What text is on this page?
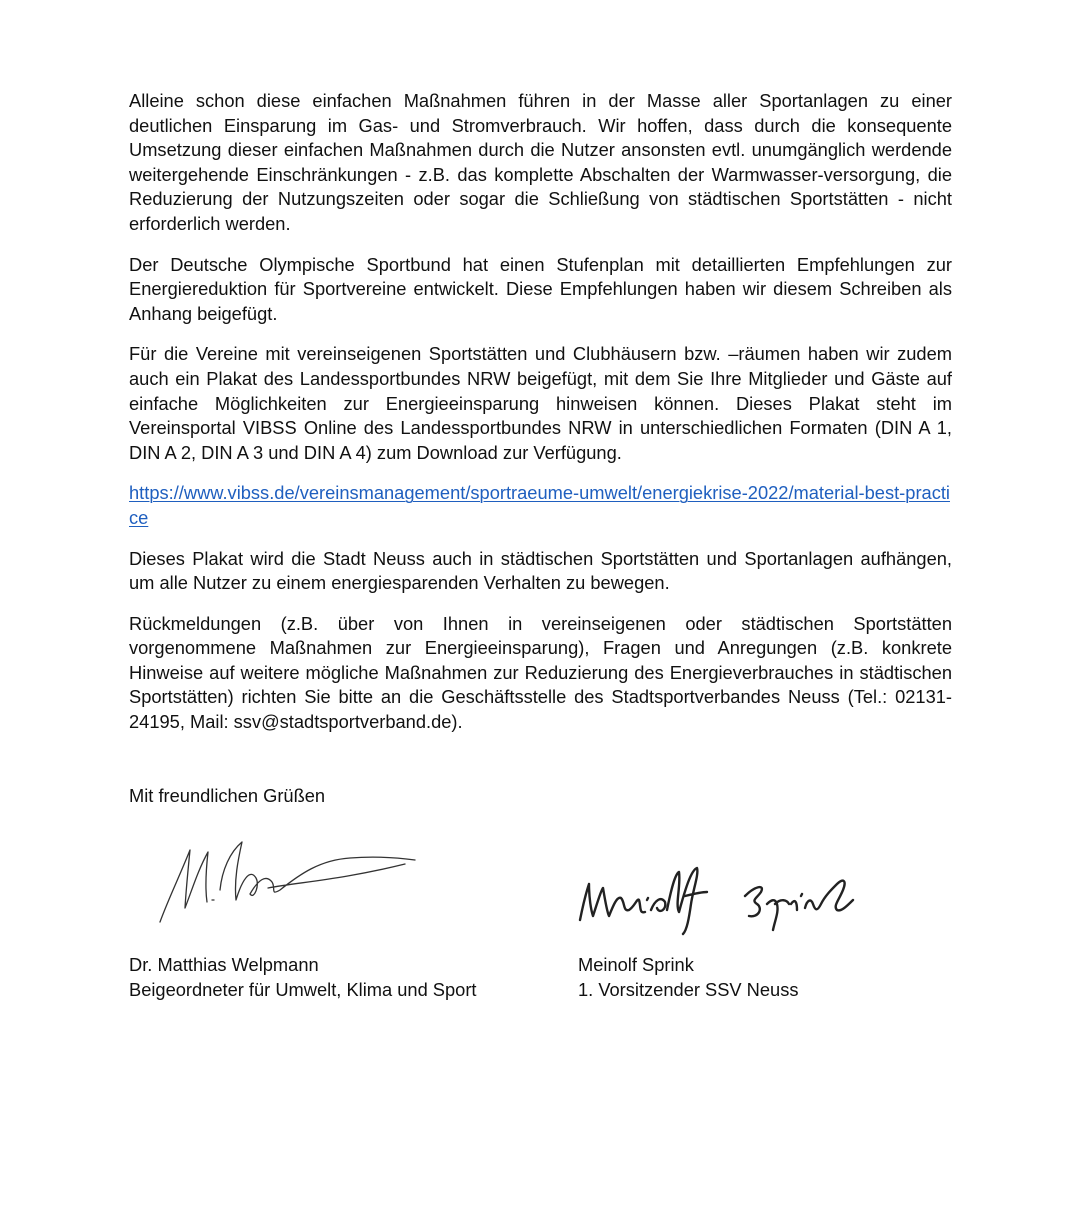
Alleine schon diese einfachen Maßnahmen führen in der Masse aller Sportanlagen zu einer deutlichen Einsparung im Gas- und Stromverbrauch. Wir hoffen, dass durch die konsequente Umsetzung dieser einfachen Maßnahmen durch die Nutzer ansonsten evtl. unumgänglich werdende weitergehende Einschränkungen - z.B. das komplette Abschalten der Warmwasser-versorgung, die Reduzierung der Nutzungszeiten oder sogar die Schließung von städtischen Sportstätten - nicht erforderlich werden.

Der Deutsche Olympische Sportbund hat einen Stufenplan mit detaillierten Empfehlungen zur Energiereduktion für Sportvereine entwickelt. Diese Empfehlungen haben wir diesem Schreiben als Anhang beigefügt.

Für die Vereine mit vereinseigenen Sportstätten und Clubhäusern bzw. –räumen haben wir zudem auch ein Plakat des Landessportbundes NRW beigefügt, mit dem Sie Ihre Mitglieder und Gäste auf einfache Möglichkeiten zur Energieeinsparung hinweisen können. Dieses Plakat steht im Vereinsportal VIBSS Online des Landessportbundes NRW in unterschiedlichen Formaten (DIN A 1, DIN A 2, DIN A 3 und DIN A 4) zum Download zur Verfügung.

https://www.vibss.de/vereinsmanagement/sportraeume-umwelt/energiekrise-2022/material-best-practice

Dieses Plakat wird die Stadt Neuss auch in städtischen Sportstätten und Sportanlagen aufhängen, um alle Nutzer zu einem energiesparenden Verhalten zu bewegen.

Rückmeldungen (z.B. über von Ihnen in vereinseigenen oder städtischen Sportstätten vorgenommene Maßnahmen zur Energieeinsparung), Fragen und Anregungen (z.B. konkrete Hinweise auf weitere mögliche Maßnahmen zur Reduzierung des Energieverbrauches in städtischen Sportstätten) richten Sie bitte an die Geschäftsstelle des Stadtsportverbandes Neuss (Tel.: 02131-24195, Mail: ssv@stadtsportverband.de).

Mit freundlichen Grüßen
Dr. Matthias Welpmann
Beigeordneter für Umwelt, Klima und Sport
Meinolf Sprink
1. Vorsitzender SSV Neuss
